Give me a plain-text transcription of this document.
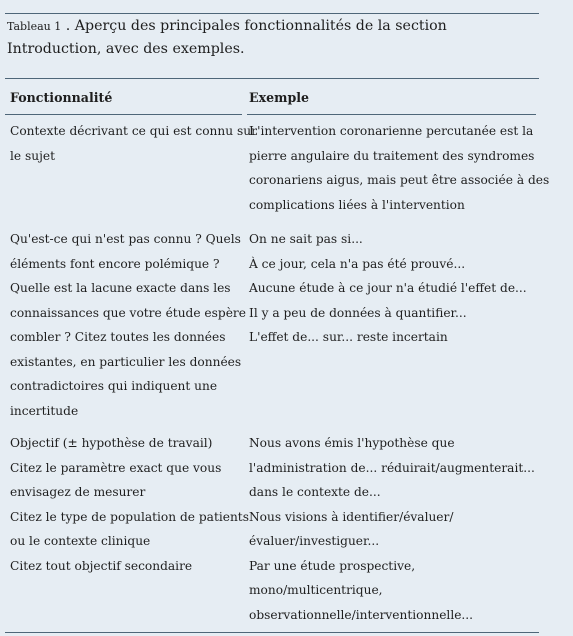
Tableau 1 . Aperçu des principales fonctionnalités de la section Introduction, avec des exemples.
Fonctionnalité	Exemple
Contexte décrivant ce qui est connu sur
le sujet
L'intervention coronarienne percutanée est la
pierre angulaire du traitement des syndromes
coronariens aigus, mais peut être associée à des
complications liées à l'intervention
Qu'est-ce qui n'est pas connu ? Quels
éléments font encore polémique ?
Quelle est la lacune exacte dans les
connaissances que votre étude espère
combler ? Citez toutes les données
existantes, en particulier les données
contradictoires qui indiquent une
incertitude
On ne sait pas si...
À ce jour, cela n'a pas été prouvé...
Aucune étude à ce jour n'a étudié l'effet de...
Il y a peu de données à quantifier...
L'effet de... sur... reste incertain
Objectif (± hypothèse de travail)
Citez le paramètre exact que vous
envisagez de mesurer
Citez le type de population de patients
ou le contexte clinique
Citez tout objectif secondaire
Nous avons émis l'hypothèse que
l'administration de... réduirait/augmenterait...
dans le contexte de...
Nous visions à identifier/évaluer/
évaluer/investiguer...
Par une étude prospective,
mono/multicentrique,
observationnelle/interventionnelle...
